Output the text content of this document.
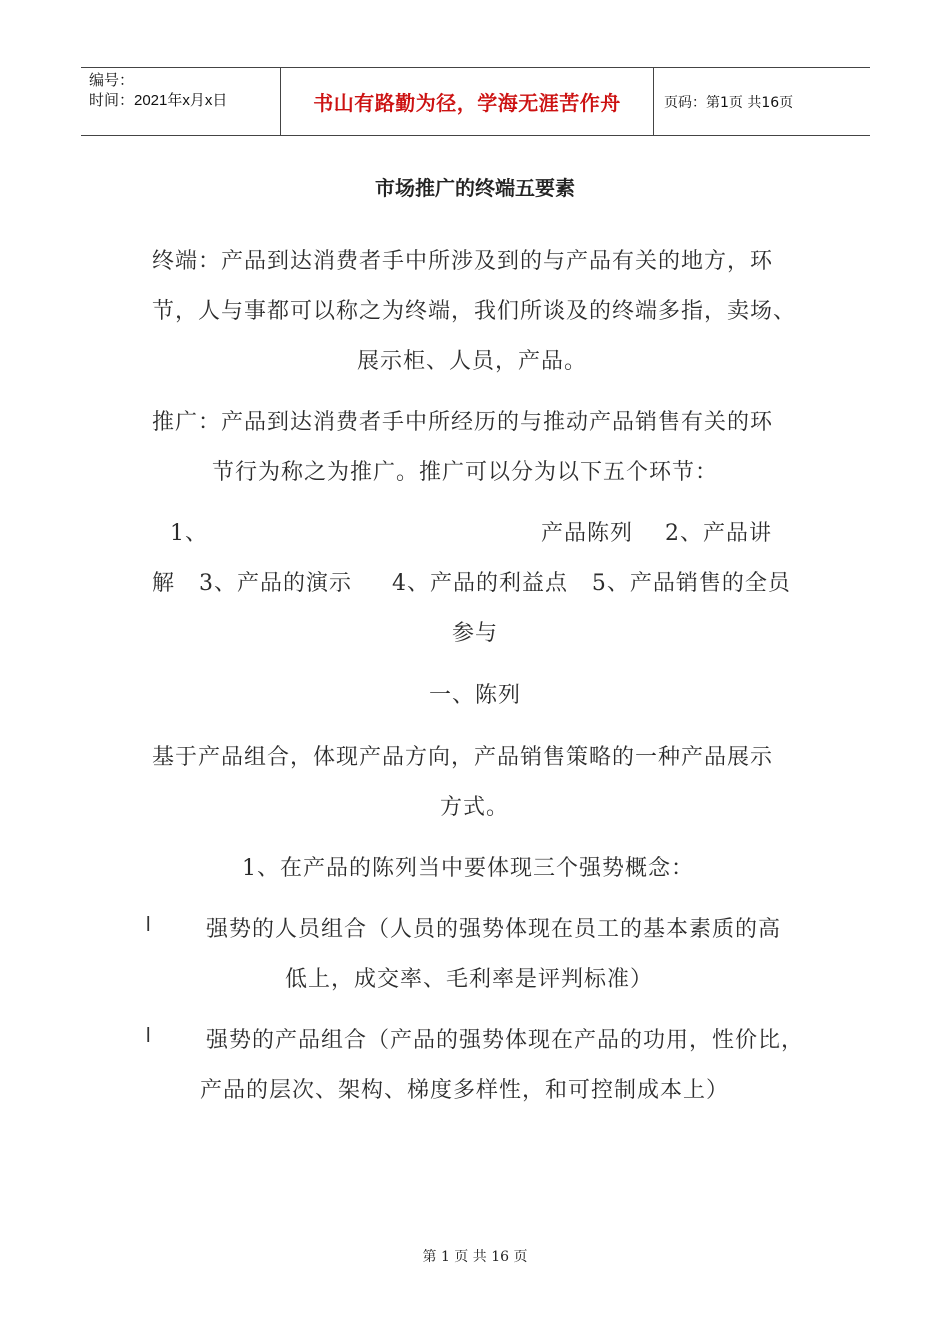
编号：
时间：2021年x月x日	书山有路勤为径，学海无涯苦作舟	页码：第1页 共16页
市场推广的终端五要素
终端：产品到达消费者手中所涉及到的与产品有关的地方，环
节，人与事都可以称之为终端，我们所谈及的终端多指，卖场、
展示柜、人员，产品。
推广：产品到达消费者手中所经历的与推动产品销售有关的环
节行为称之为推广。推广可以分为以下五个环节：
1、	产品陈列    2、产品讲
解   3、产品的演示     4、产品的利益点   5、产品销售的全员
参与
一、陈列
基于产品组合，体现产品方向，产品销售策略的一种产品展示
方式。
1、在产品的陈列当中要体现三个强势概念：
l	强势的人员组合（人员的强势体现在员工的基本素质的高
低上，成交率、毛利率是评判标准）
l	强势的产品组合（产品的强势体现在产品的功用，性价比，
产品的层次、架构、梯度多样性，和可控制成本上）
第 1 页 共 16 页
